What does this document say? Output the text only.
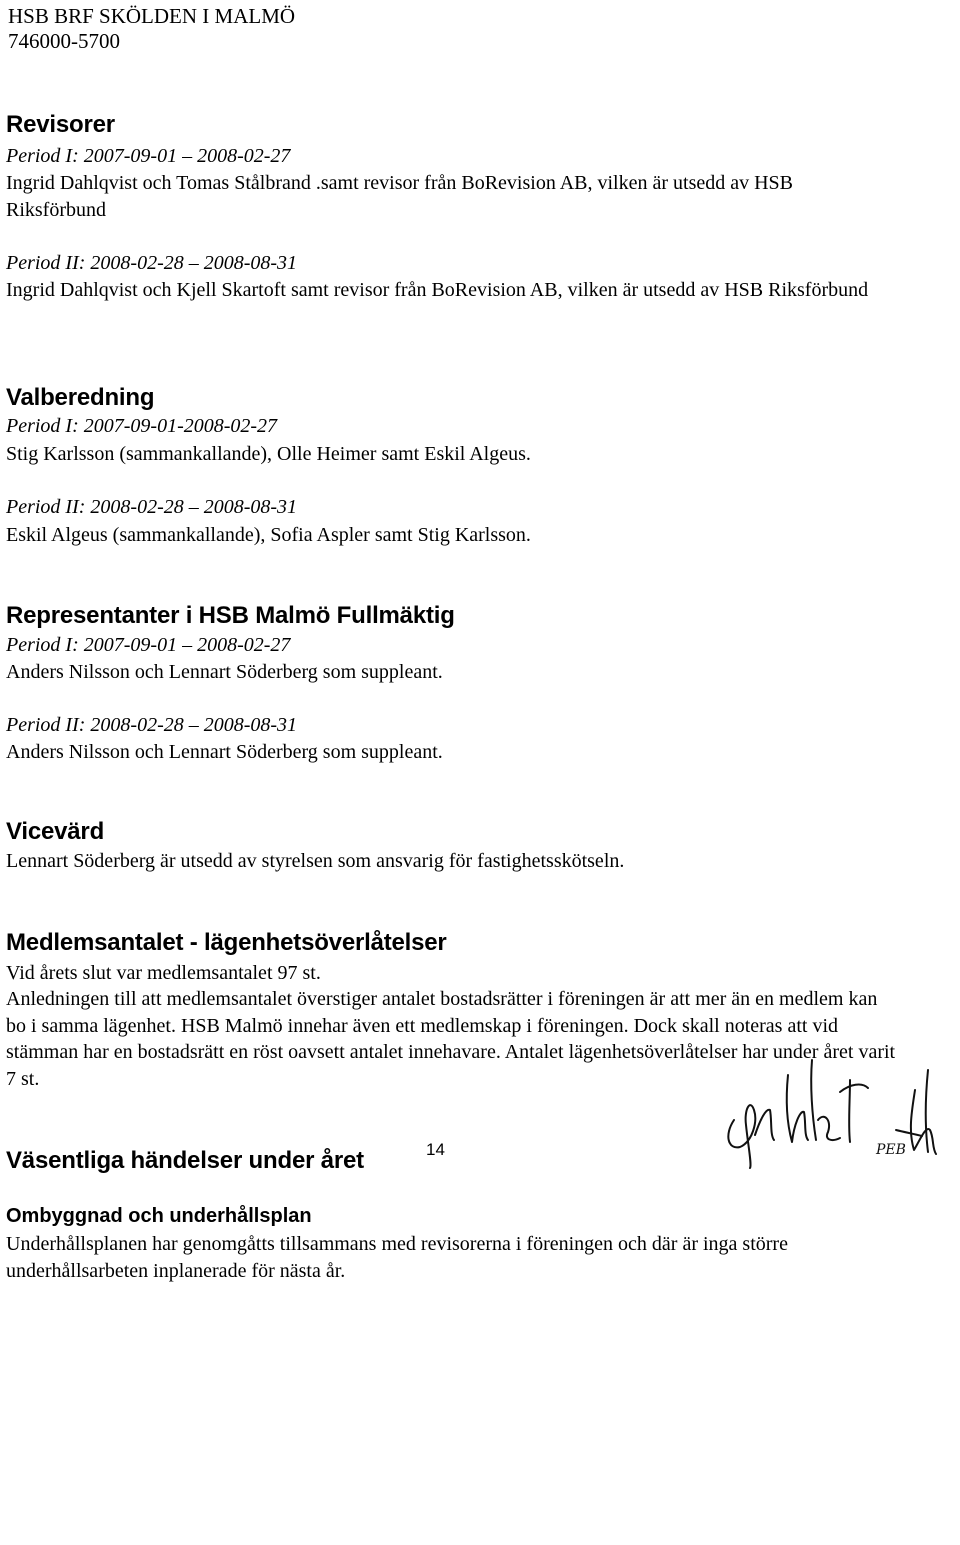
HSB BRF SKÖLDEN I MALMÖ
746000-5700
Revisorer
Period I: 2007-09-01 – 2008-02-27
Ingrid Dahlqvist och Tomas Stålbrand .samt revisor från BoRevision AB, vilken är utsedd av HSB Riksförbund
Period II: 2008-02-28 – 2008-08-31
Ingrid Dahlqvist och Kjell Skartoft samt revisor från BoRevision AB, vilken är utsedd av HSB Riksförbund
Valberedning
Period I: 2007-09-01-2008-02-27
Stig Karlsson (sammankallande), Olle Heimer samt Eskil Algeus.
Period II: 2008-02-28 – 2008-08-31
Eskil Algeus (sammankallande), Sofia Aspler samt Stig Karlsson.
Representanter i HSB Malmö Fullmäktig
Period I: 2007-09-01 – 2008-02-27
Anders Nilsson och Lennart Söderberg som suppleant.
Period II: 2008-02-28 – 2008-08-31
Anders Nilsson och Lennart Söderberg som suppleant.
Vicevärd
Lennart Söderberg är utsedd av styrelsen som ansvarig för fastighetsskötseln.
Medlemsantalet - lägenhetsöverlåtelser
Vid årets slut var medlemsantalet 97 st.
Anledningen till att medlemsantalet överstiger antalet bostadsrätter i föreningen är att mer än en medlem kan bo i samma lägenhet. HSB Malmö innehar även ett medlemskap i föreningen. Dock skall noteras att vid stämman har en bostadsrätt en röst oavsett antalet innehavare. Antalet lägenhetsöverlåtelser har under året varit 7 st.
Väsentliga händelser under året
Ombyggnad och underhållsplan
Underhållsplanen har genomgåtts tillsammans med revisorerna i föreningen och där är inga större underhållsarbeten inplanerade för nästa år.
PEB
14
